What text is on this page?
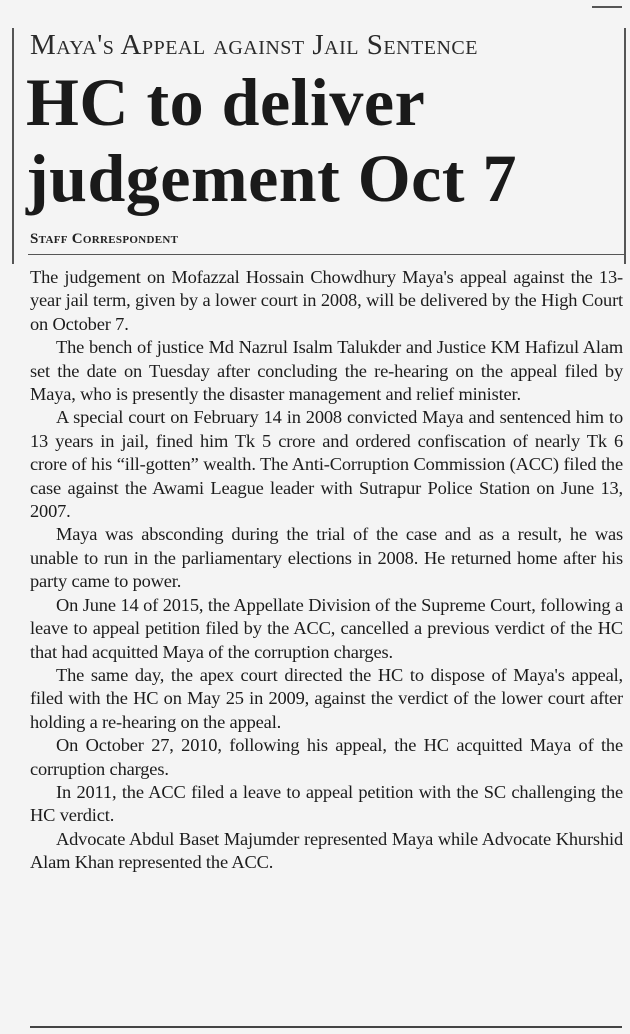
Maya's Appeal against Jail Sentence
HC to deliver
judgement Oct 7
Staff Correspondent

The judgement on Mofazzal Hossain Chowdhury Maya's appeal against the 13-year jail term, given by a lower court in 2008, will be delivered by the High Court on October 7.

The bench of justice Md Nazrul Isalm Talukder and Justice KM Hafizul Alam set the date on Tuesday after concluding the re-hearing on the appeal filed by Maya, who is presently the disaster management and relief minister.

A special court on February 14 in 2008 convicted Maya and sentenced him to 13 years in jail, fined him Tk 5 crore and ordered confiscation of nearly Tk 6 crore of his “ill-gotten” wealth. The Anti-Corruption Commission (ACC) filed the case against the Awami League leader with Sutrapur Police Station on June 13, 2007.

Maya was absconding during the trial of the case and as a result, he was unable to run in the parliamentary elections in 2008. He returned home after his party came to power.

On June 14 of 2015, the Appellate Division of the Supreme Court, following a leave to appeal petition filed by the ACC, cancelled a previous verdict of the HC that had acquitted Maya of the corruption charges.

The same day, the apex court directed the HC to dispose of Maya's appeal, filed with the HC on May 25 in 2009, against the verdict of the lower court after holding a re-hearing on the appeal.

On October 27, 2010, following his appeal, the HC acquitted Maya of the corruption charges.

In 2011, the ACC filed a leave to appeal petition with the SC challenging the HC verdict.

Advocate Abdul Baset Majumder represented Maya while Advocate Khurshid Alam Khan represented the ACC.
